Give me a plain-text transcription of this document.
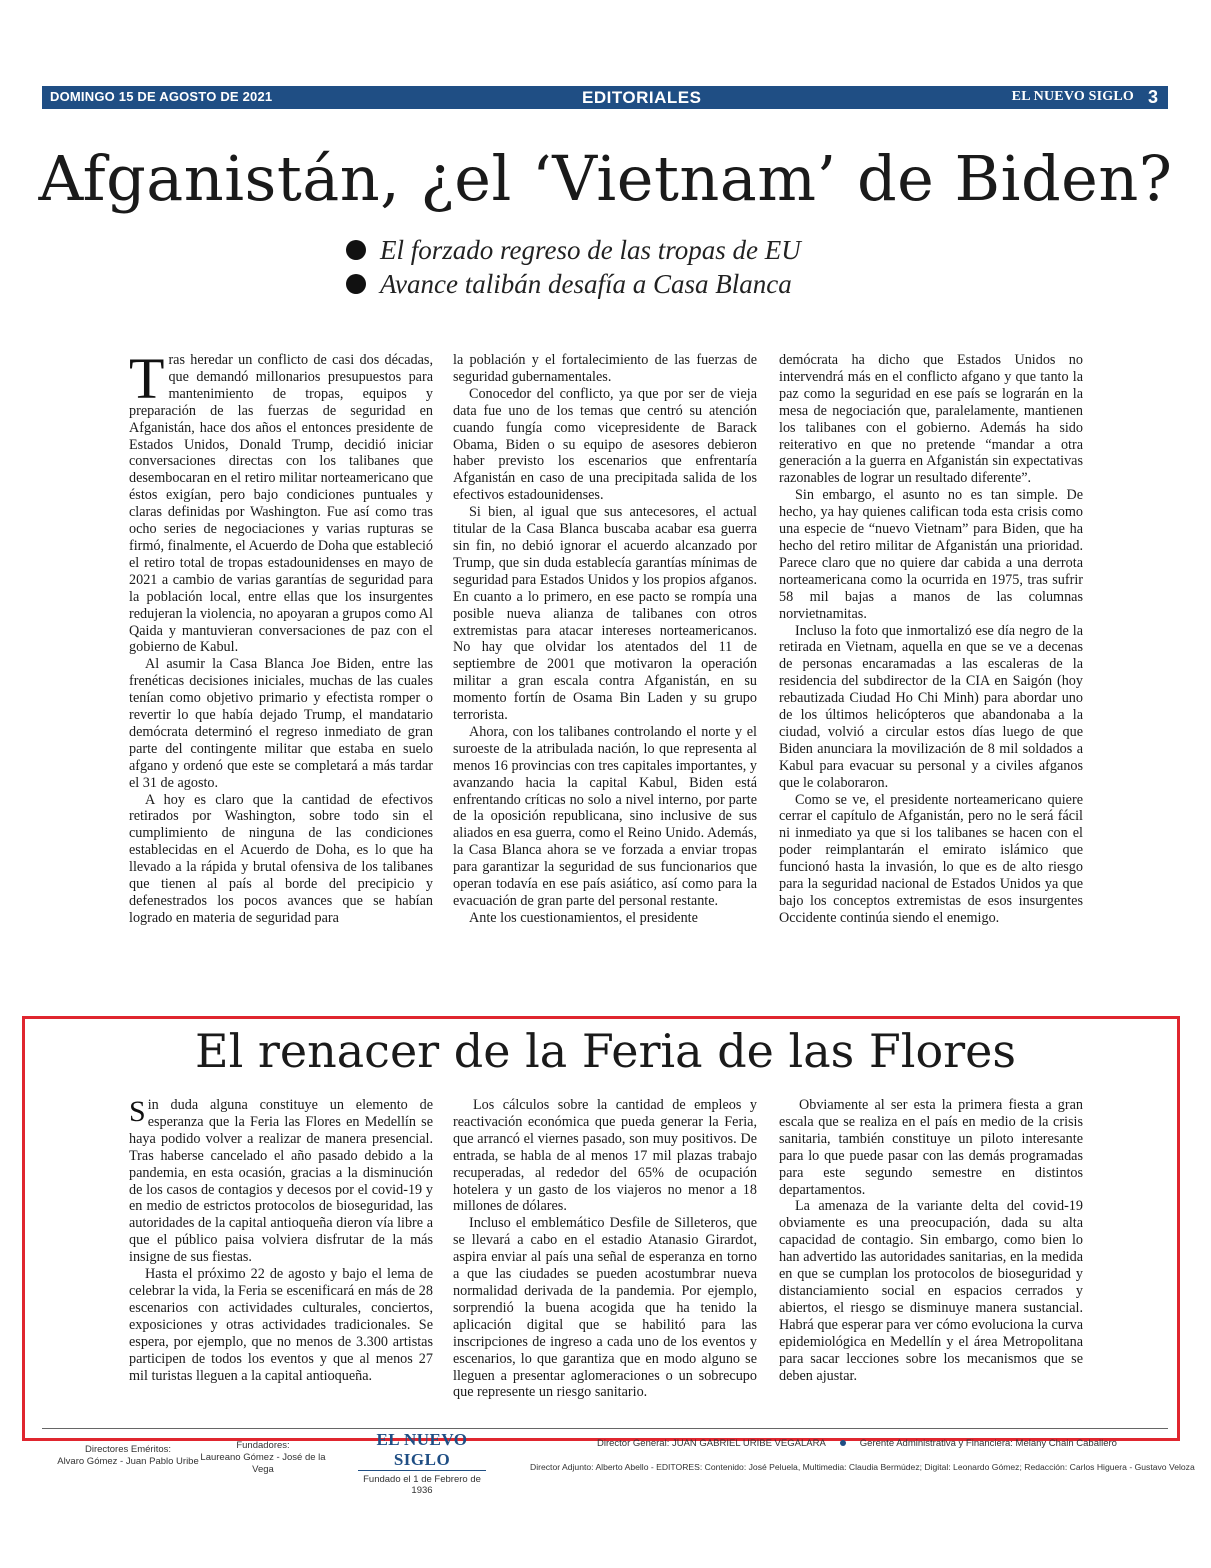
DOMINGO 15 DE AGOSTO DE 2021	EDITORIALES	EL NUEVO SIGLO 3
Afganistán, ¿el ‘Vietnam’ de Biden?
El forzado regreso de las tropas de EU
Avance talibán desafía a Casa Blanca

Tras heredar un conflicto de casi dos décadas, que demandó millonarios presupuestos para mantenimiento de tropas, equipos y preparación de las fuerzas de seguridad en Afganistán, hace dos años el entonces presidente de Estados Unidos, Donald Trump, decidió iniciar conversaciones directas con los talibanes que desembocaran en el retiro militar norteamericano que éstos exigían, pero bajo condiciones puntuales y claras definidas por Washington. Fue así como tras ocho series de negociaciones y varias rupturas se firmó, finalmente, el Acuerdo de Doha que estableció el retiro total de tropas estadounidenses en mayo de 2021 a cambio de varias garantías de seguridad para la población local, entre ellas que los insurgentes redujeran la violencia, no apoyaran a grupos como Al Qaida y mantuvieran conversaciones de paz con el gobierno de Kabul.

Al asumir la Casa Blanca Joe Biden, entre las frenéticas decisiones iniciales, muchas de las cuales tenían como objetivo primario y efectista romper o revertir lo que había dejado Trump, el mandatario demócrata determinó el regreso inmediato de gran parte del contingente militar que estaba en suelo afgano y ordenó que este se completará a más tardar el 31 de agosto.

A hoy es claro que la cantidad de efectivos retirados por Washington, sobre todo sin el cumplimiento de ninguna de las condiciones establecidas en el Acuerdo de Doha, es lo que ha llevado a la rápida y brutal ofensiva de los talibanes que tienen al país al borde del precipicio y defenestrados los pocos avances que se habían logrado en materia de seguridad para

la población y el fortalecimiento de las fuerzas de seguridad gubernamentales.

Conocedor del conflicto, ya que por ser de vieja data fue uno de los temas que centró su atención cuando fungía como vicepresidente de Barack Obama, Biden o su equipo de asesores debieron haber previsto los escenarios que enfrentaría Afganistán en caso de una precipitada salida de los efectivos estadounidenses.

Si bien, al igual que sus antecesores, el actual titular de la Casa Blanca buscaba acabar esa guerra sin fin, no debió ignorar el acuerdo alcanzado por Trump, que sin duda establecía garantías mínimas de seguridad para Estados Unidos y los propios afganos. En cuanto a lo primero, en ese pacto se rompía una posible nueva alianza de talibanes con otros extremistas para atacar intereses norteamericanos. No hay que olvidar los atentados del 11 de septiembre de 2001 que motivaron la operación militar a gran escala contra Afganistán, en su momento fortín de Osama Bin Laden y su grupo terrorista.

Ahora, con los talibanes controlando el norte y el suroeste de la atribulada nación, lo que representa al menos 16 provincias con tres capitales importantes, y avanzando hacia la capital Kabul, Biden está enfrentando críticas no solo a nivel interno, por parte de la oposición republicana, sino inclusive de sus aliados en esa guerra, como el Reino Unido. Además, la Casa Blanca ahora se ve forzada a enviar tropas para garantizar la seguridad de sus funcionarios que operan todavía en ese país asiático, así como para la evacuación de gran parte del personal restante.

Ante los cuestionamientos, el presidente

demócrata ha dicho que Estados Unidos no intervendrá más en el conflicto afgano y que tanto la paz como la seguridad en ese país se lograrán en la mesa de negociación que, paralelamente, mantienen los talibanes con el gobierno. Además ha sido reiterativo en que no pretende “mandar a otra generación a la guerra en Afganistán sin expectativas razonables de lograr un resultado diferente”.

Sin embargo, el asunto no es tan simple. De hecho, ya hay quienes califican toda esta crisis como una especie de “nuevo Vietnam” para Biden, que ha hecho del retiro militar de Afganistán una prioridad. Parece claro que no quiere dar cabida a una derrota norteamericana como la ocurrida en 1975, tras sufrir 58 mil bajas a manos de las columnas norvietnamitas.

Incluso la foto que inmortalizó ese día negro de la retirada en Vietnam, aquella en que se ve a decenas de personas encaramadas a las escaleras de la residencia del subdirector de la CIA en Saigón (hoy rebautizada Ciudad Ho Chi Minh) para abordar uno de los últimos helicópteros que abandonaba a la ciudad, volvió a circular estos días luego de que Biden anunciara la movilización de 8 mil soldados a Kabul para evacuar su personal y a civiles afganos que le colaboraron.

Como se ve, el presidente norteamericano quiere cerrar el capítulo de Afganistán, pero no le será fácil ni inmediato ya que si los talibanes se hacen con el poder reimplantarán el emirato islámico que funcionó hasta la invasión, lo que es de alto riesgo para la seguridad nacional de Estados Unidos ya que bajo los conceptos extremistas de esos insurgentes Occidente continúa siendo el enemigo.

El renacer de la Feria de las Flores

Sin duda alguna constituye un elemento de esperanza que la Feria las Flores en Medellín se haya podido volver a realizar de manera presencial. Tras haberse cancelado el año pasado debido a la pandemia, en esta ocasión, gracias a la disminución de los casos de contagios y decesos por el covid-19 y en medio de estrictos protocolos de bioseguridad, las autoridades de la capital antioqueña dieron vía libre a que el público paisa volviera disfrutar de la más insigne de sus fiestas.

Hasta el próximo 22 de agosto y bajo el lema de celebrar la vida, la Feria se escenificará en más de 28 escenarios con actividades culturales, conciertos, exposiciones y otras actividades tradicionales. Se espera, por ejemplo, que no menos de 3.300 artistas participen de todos los eventos y que al menos 27 mil turistas lleguen a la capital antioqueña.

Los cálculos sobre la cantidad de empleos y reactivación económica que pueda generar la Feria, que arrancó el viernes pasado, son muy positivos. De entrada, se habla de al menos 17 mil plazas trabajo recuperadas, al rededor del 65% de ocupación hotelera y un gasto de los viajeros no menor a 18 millones de dólares.

Incluso el emblemático Desfile de Silleteros, que se llevará a cabo en el estadio Atanasio Girardot, aspira enviar al país una señal de esperanza en torno a que las ciudades se pueden acostumbrar nueva normalidad derivada de la pandemia. Por ejemplo, sorprendió la buena acogida que ha tenido la aplicación digital que se habilitó para las inscripciones de ingreso a cada uno de los eventos y escenarios, lo que garantiza que en modo alguno se lleguen a presentar aglomeraciones o un sobrecupo que represente un riesgo sanitario.

Obviamente al ser esta la primera fiesta a gran escala que se realiza en el país en medio de la crisis sanitaria, también constituye un piloto interesante para lo que puede pasar con las demás programadas para este segundo semestre en distintos departamentos.

La amenaza de la variante delta del covid-19 obviamente es una preocupación, dada su alta capacidad de contagio. Sin embargo, como bien lo han advertido las autoridades sanitarias, en la medida en que se cumplan los protocolos de bioseguridad y distanciamiento social en espacios cerrados y abiertos, el riesgo se disminuye manera sustancial. Habrá que esperar para ver cómo evoluciona la curva epidemiológica en Medellín y el área Metropolitana para sacar lecciones sobre los mecanismos que se deben ajustar.

Directores Eméritos:
Alvaro Gómez - Juan Pablo Uribe
Fundadores:
Laureano Gómez - José de la Vega
EL NUEVO SIGLO
Fundado el 1 de Febrero de 1936
Director General: JUAN GABRIEL URIBE VEGALARA	Gerente Administrativa y Financiera: Melany Chain Caballero
Director Adjunto: Alberto Abello - EDITORES: Contenido: José Peluela, Multimedia: Claudia Bermúdez; Digital: Leonardo Gómez; Redacción: Carlos Higuera - Gustavo Veloza
